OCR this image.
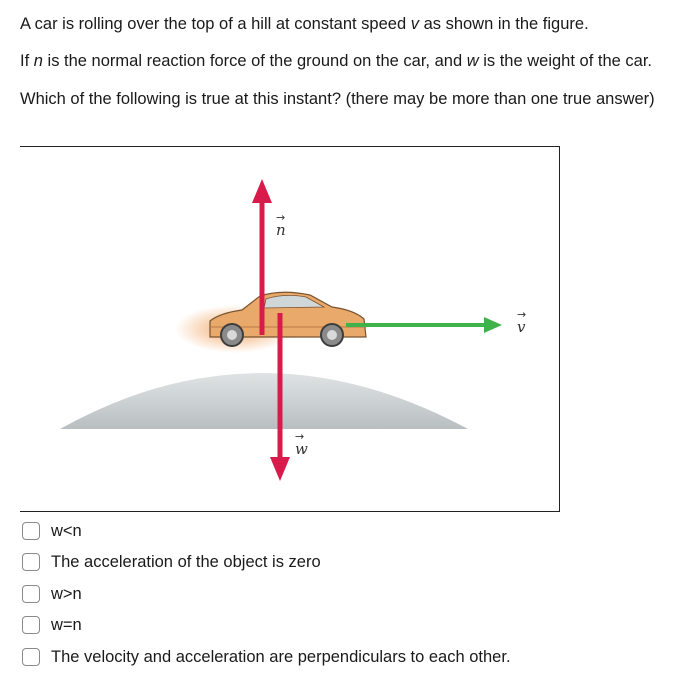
A car is rolling over the top of a hill at constant speed v as shown in the figure.
If n is the normal reaction force of the ground on the car, and w is the weight of the car.
Which of the following is true at this instant? (there may be more than one true answer)
v
→
n
→
w
→
w<n
The acceleration of the object is zero
w>n
w=n
The velocity and acceleration are perpendiculars to each other.
